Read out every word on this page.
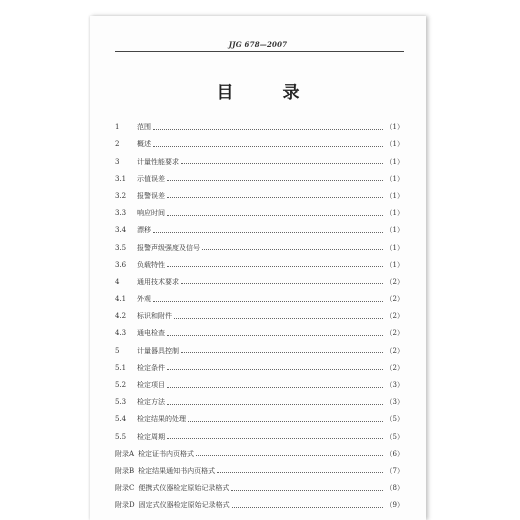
JJG 678—2007
目　录
1	范围	（1）
2	概述	（1）
3	计量性能要求	（1）
3.1	示值误差	（1）
3.2	报警误差	（1）
3.3	响应时间	（1）
3.4	漂移	（1）
3.5	报警声级强度及信号	（1）
3.6	负载特性	（1）
4	通用技术要求	（2）
4.1	外观	（2）
4.2	标识和附件	（2）
4.3	通电检查	（2）
5	计量器具控制	（2）
5.1	检定条件	（2）
5.2	检定项目	（3）
5.3	检定方法	（3）
5.4	检定结果的处理	（5）
5.5	检定周期	（5）
附录A 检定证书内页格式	（6）
附录B 检定结果通知书内页格式	（7）
附录C 便携式仪器检定原始记录格式	（8）
附录D 固定式仪器检定原始记录格式	（9）
